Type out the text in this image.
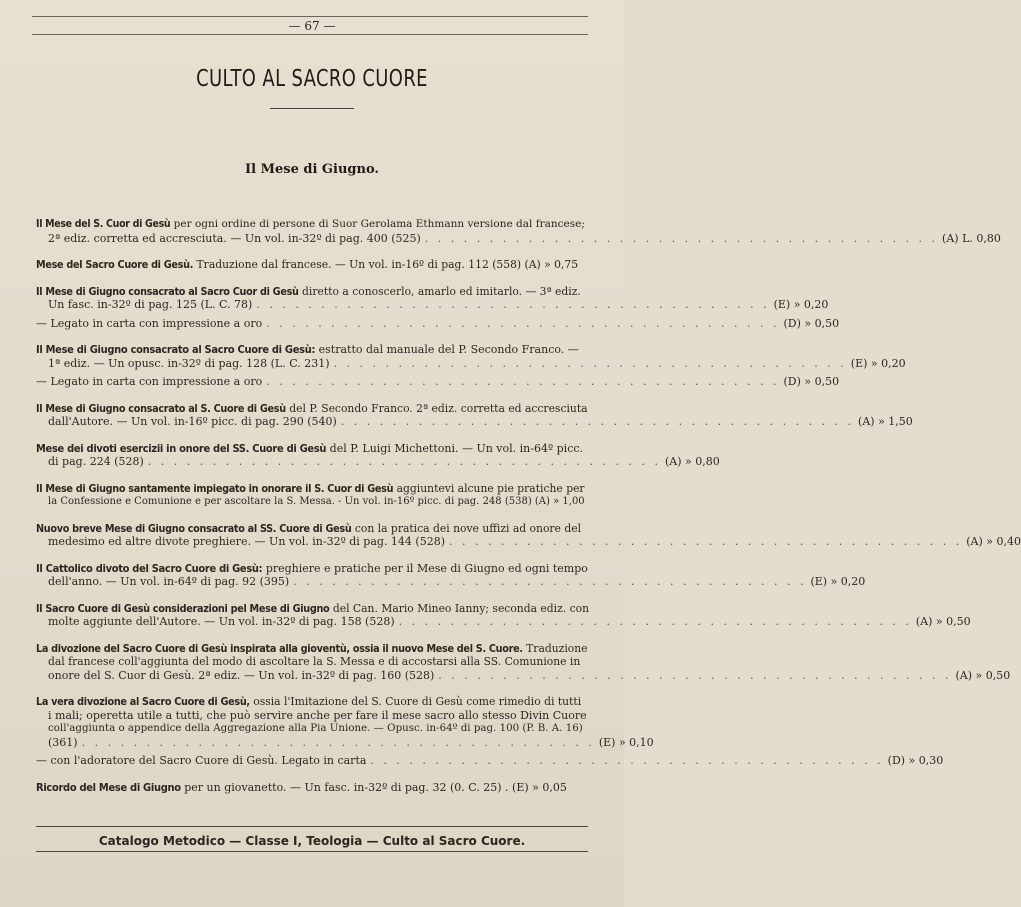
— 67 —
CULTO AL SACRO CUORE
Il Mese di Giugno.
Il Mese del S. Cuor di Gesù per ogni ordine di persone di Suor Gerolama Ethmann versione dal francese;
2ª ediz. corretta ed accresciuta. — Un vol. in-32º di pag. 400 (525) . . . . . . . . . . . . . . . . . . . . . . . . . . . . . . . . . . . . . . . . (A) L. 0,80
Mese del Sacro Cuore di Gesù. Traduzione dal francese. — Un vol. in-16º di pag. 112 (558) (A) » 0,75
Il Mese di Giugno consacrato al Sacro Cuor di Gesù diretto a conoscerlo, amarlo ed imitarlo. — 3ª ediz.
Un fasc. in-32º di pag. 125 (L. C. 78) . . . . . . . . . . . . . . . . . . . . . . . . . . . . . . . . . . . . . . . . (E) » 0,20
— Legato in carta con impressione a oro . . . . . . . . . . . . . . . . . . . . . . . . . . . . . . . . . . . . . . . . (D) » 0,50
Il Mese di Giugno consacrato al Sacro Cuore di Gesù: estratto dal manuale del P. Secondo Franco. —
1ª ediz. — Un opusc. in-32º di pag. 128 (L. C. 231) . . . . . . . . . . . . . . . . . . . . . . . . . . . . . . . . . . . . . . . . (E) » 0,20
— Legato in carta con impressione a oro . . . . . . . . . . . . . . . . . . . . . . . . . . . . . . . . . . . . . . . . (D) » 0,50
Il Mese di Giugno consacrato al S. Cuore di Gesù del P. Secondo Franco. 2ª ediz. corretta ed accresciuta
dall'Autore. — Un vol. in-16º picc. di pag. 290 (540) . . . . . . . . . . . . . . . . . . . . . . . . . . . . . . . . . . . . . . . . (A) » 1,50
Mese dei divoti esercizii in onore del SS. Cuore di Gesù del P. Luigi Michettoni. — Un vol. in-64º picc.
di pag. 224 (528) . . . . . . . . . . . . . . . . . . . . . . . . . . . . . . . . . . . . . . . . (A) » 0,80
Il Mese di Giugno santamente impiegato in onorare il S. Cuor di Gesù aggiuntevi alcune pie pratiche per
la Confessione e Comunione e per ascoltare la S. Messa. - Un vol. in-16º picc. di pag. 248 (538) (A) » 1,00
Nuovo breve Mese di Giugno consacrato al SS. Cuore di Gesù con la pratica dei nove uffizi ad onore del
medesimo ed altre divote preghiere. — Un vol. in-32º di pag. 144 (528) . . . . . . . . . . . . . . . . . . . . . . . . . . . . . . . . . . . . . . . . (A) » 0,40
Il Cattolico divoto del Sacro Cuore di Gesù: preghiere e pratiche per il Mese di Giugno ed ogni tempo
dell'anno. — Un vol. in-64º di pag. 92 (395) . . . . . . . . . . . . . . . . . . . . . . . . . . . . . . . . . . . . . . . . (E) » 0,20
Il Sacro Cuore di Gesù considerazioni pel Mese di Giugno del Can. Mario Mineo Ianny; seconda ediz. con
molte aggiunte dell'Autore. — Un vol. in-32º di pag. 158 (528) . . . . . . . . . . . . . . . . . . . . . . . . . . . . . . . . . . . . . . . . (A) » 0,50
La divozione del Sacro Cuore di Gesù inspirata alla gioventù, ossia il nuovo Mese del S. Cuore. Traduzione
dal francese coll'aggiunta del modo di ascoltare la S. Messa e di accostarsi alla SS. Comunione in
onore del S. Cuor di Gesù. 2ª ediz. — Un vol. in-32º di pag. 160 (528) . . . . . . . . . . . . . . . . . . . . . . . . . . . . . . . . . . . . . . . . (A) » 0,50
La vera divozione al Sacro Cuore di Gesù, ossia l'Imitazione del S. Cuore di Gesù come rimedio di tutti
i mali; operetta utile a tutti, che può servire anche per fare il mese sacro allo stesso Divin Cuore
coll'aggiunta o appendice della Aggregazione alla Pia Unione. — Opusc. in-64º di pag. 100 (P. B. A. 16)
(361) . . . . . . . . . . . . . . . . . . . . . . . . . . . . . . . . . . . . . . . . (E) » 0,10
— con l'adoratore del Sacro Cuore di Gesù. Legato in carta . . . . . . . . . . . . . . . . . . . . . . . . . . . . . . . . . . . . . . . . (D) » 0,30
Ricordo del Mese di Giugno per un giovanetto. — Un fasc. in-32º di pag. 32 (0. C. 25) . (E) » 0,05
Catalogo Metodico — Classe I, Teologia — Culto al Sacro Cuore.
